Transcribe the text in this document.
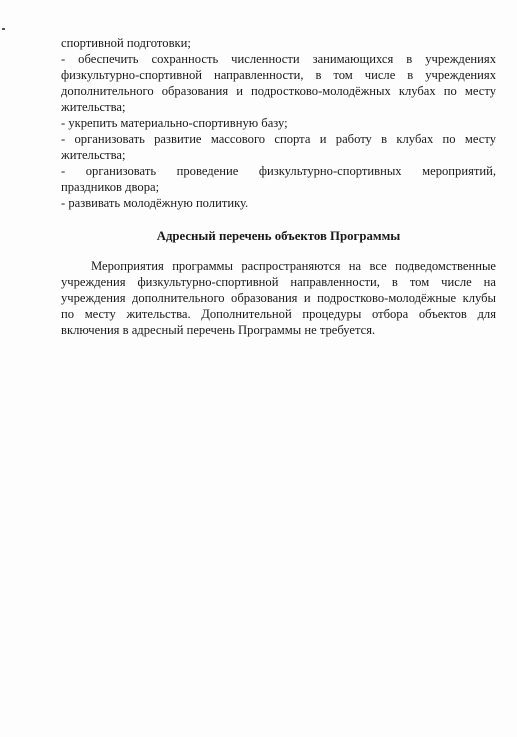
спортивной подготовки;
- обеспечить сохранность численности занимающихся в учреждениях
физкультурно-спортивной направленности, в том числе в учреждениях
дополнительного образования и подростково-молодёжных клубах по месту
жительства;
- укрепить материально-спортивную базу;
- организовать развитие массового спорта и работу в клубах по месту
жительства;
- организовать проведение физкультурно-спортивных мероприятий,
праздников двора;
- развивать молодёжную политику.
Адресный перечень объектов Программы
Мероприятия программы распространяются на все подведомственные
учреждения физкультурно-спортивной направленности, в том числе на
учреждения дополнительного образования и подростково-молодёжные клубы
по месту жительства. Дополнительной процедуры отбора объектов для
включения в адресный перечень Программы не требуется.
